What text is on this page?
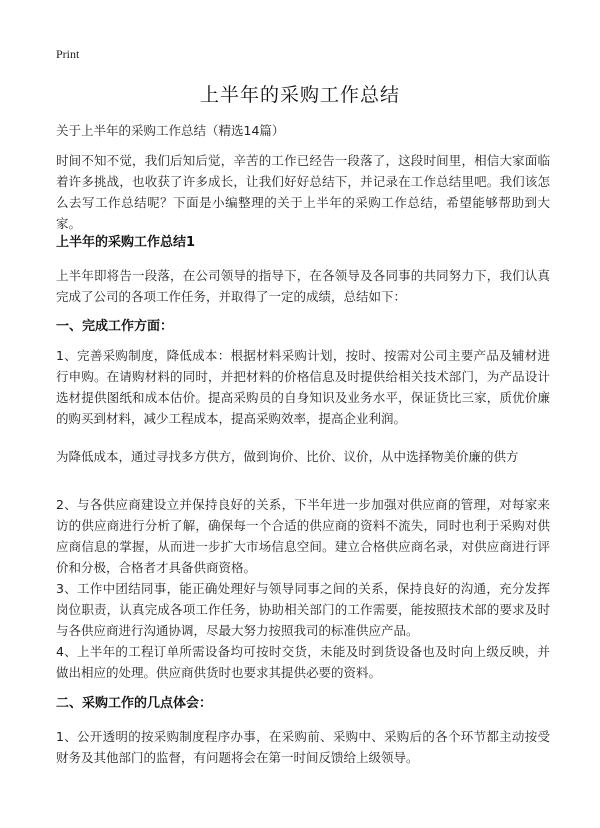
Print
上半年的采购工作总结
关于上半年的采购工作总结（精选14篇）
时间不知不觉，我们后知后觉，辛苦的工作已经告一段落了，这段时间里，相信大家面临着许多挑战，也收获了许多成长，让我们好好总结下，并记录在工作总结里吧。我们该怎么去写工作总结呢？下面是小编整理的关于上半年的采购工作总结，希望能够帮助到大家。
上半年的采购工作总结1
上半年即将告一段落，在公司领导的指导下，在各领导及各同事的共同努力下，我们认真完成了公司的各项工作任务，并取得了一定的成绩，总结如下：
一、完成工作方面：
1、完善采购制度，降低成本：根据材料采购计划，按时、按需对公司主要产品及辅材进行申购。在请购材料的同时，并把材料的价格信息及时提供给相关技术部门，为产品设计选材提供图纸和成本估价。提高采购员的自身知识及业务水平，保证货比三家，质优价廉的购买到材料，减少工程成本，提高采购效率，提高企业利润。
为降低成本，通过寻找多方供方，做到询价、比价、议价，从中选择物美价廉的供方
2、与各供应商建设立并保持良好的关系，下半年进一步加强对供应商的管理，对每家来访的供应商进行分析了解，确保每一个合适的供应商的资料不流失，同时也利于采购对供应商信息的掌握，从而进一步扩大市场信息空间。建立合格供应商名录，对供应商进行评价和分极，合格者才具备供商资格。
3、工作中团结同事，能正确处理好与领导同事之间的关系，保持良好的沟通，充分发挥岗位职责，认真完成各项工作任务，协助相关部门的工作需要，能按照技术部的要求及时与各供应商进行沟通协调，尽最大努力按照我司的标准供应产品。
4、上半年的工程订单所需设备均可按时交货，未能及时到货设备也及时向上级反映，并做出相应的处理。供应商供货时也要求其提供必要的资料。
二、采购工作的几点体会：
1、公开透明的按采购制度程序办事，在采购前、采购中、采购后的各个环节都主动按受财务及其他部门的监督，有问题将会在第一时间反馈给上级领导。
